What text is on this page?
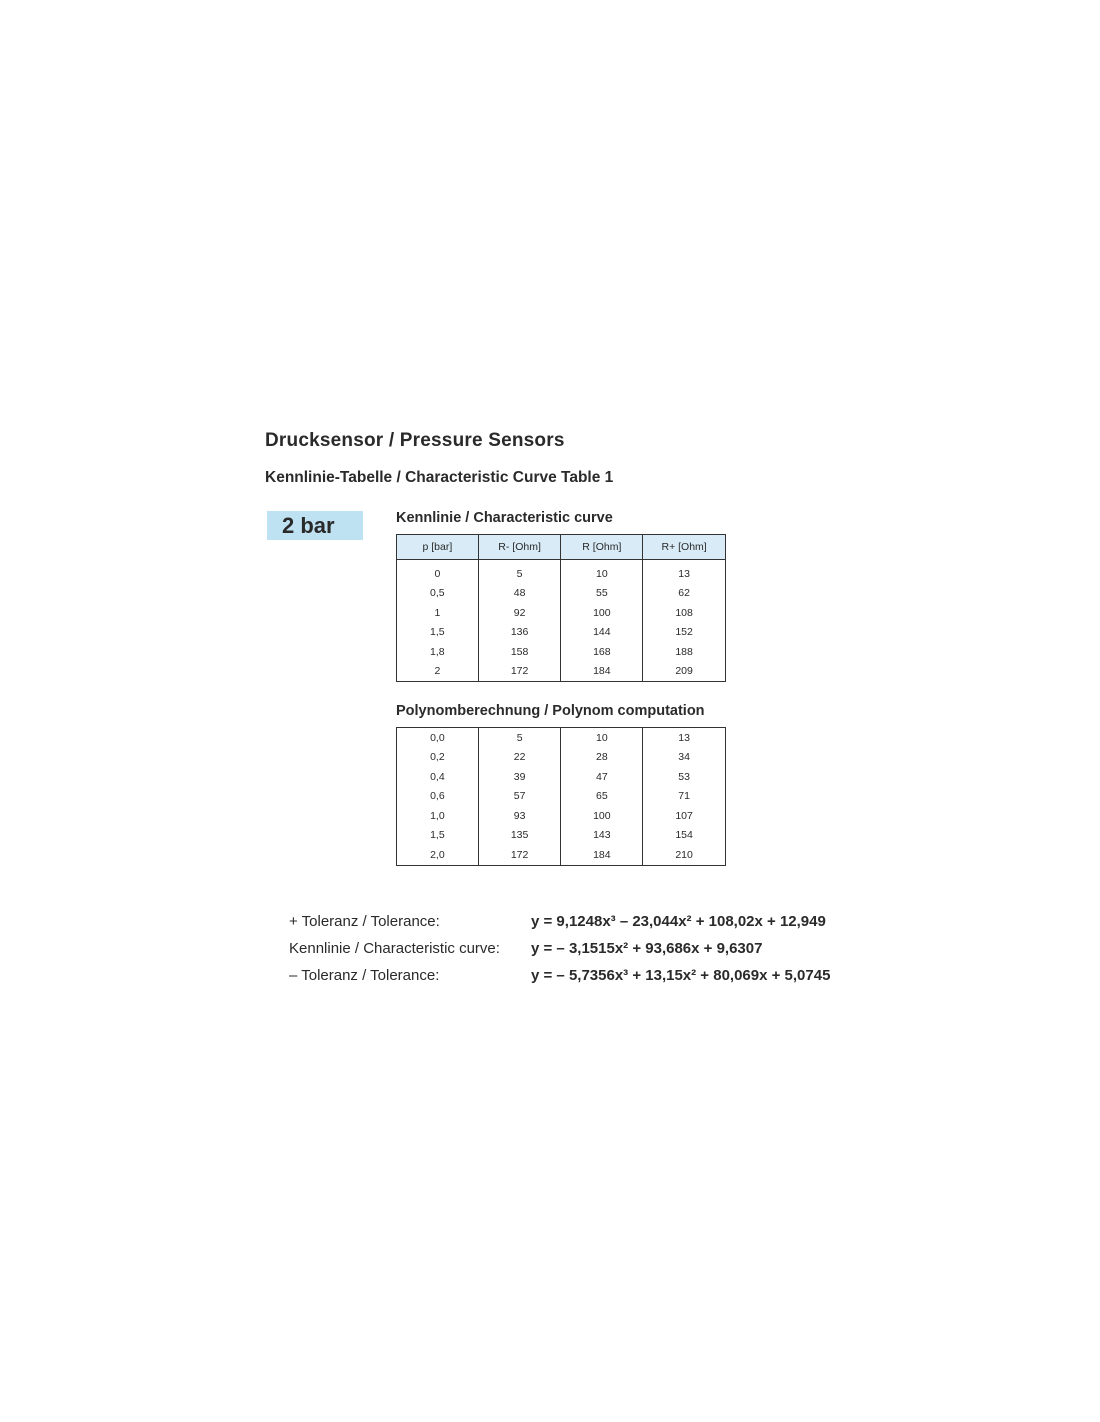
Drucksensor / Pressure Sensors
Kennlinie-Tabelle / Characteristic Curve Table 1
2 bar	Kennlinie / Characteristic curve
p [bar]	R- [Ohm]	R [Ohm]	R+ [Ohm]
0	5	10	13
0,5	48	55	62
1	92	100	108
1,5	136	144	152
1,8	158	168	188
2	172	184	209
Polynomberechnung / Polynom computation
0,0	5	10	13
0,2	22	28	34
0,4	39	47	53
0,6	57	65	71
1,0	93	100	107
1,5	135	143	154
2,0	172	184	210
+ Toleranz / Tolerance:	y = 9,1248x³ – 23,044x² + 108,02x + 12,949
Kennlinie / Characteristic curve: y = – 3,1515x² + 93,686x + 9,6307
– Toleranz / Tolerance:	y = – 5,7356x³ + 13,15x² + 80,069x + 5,0745
